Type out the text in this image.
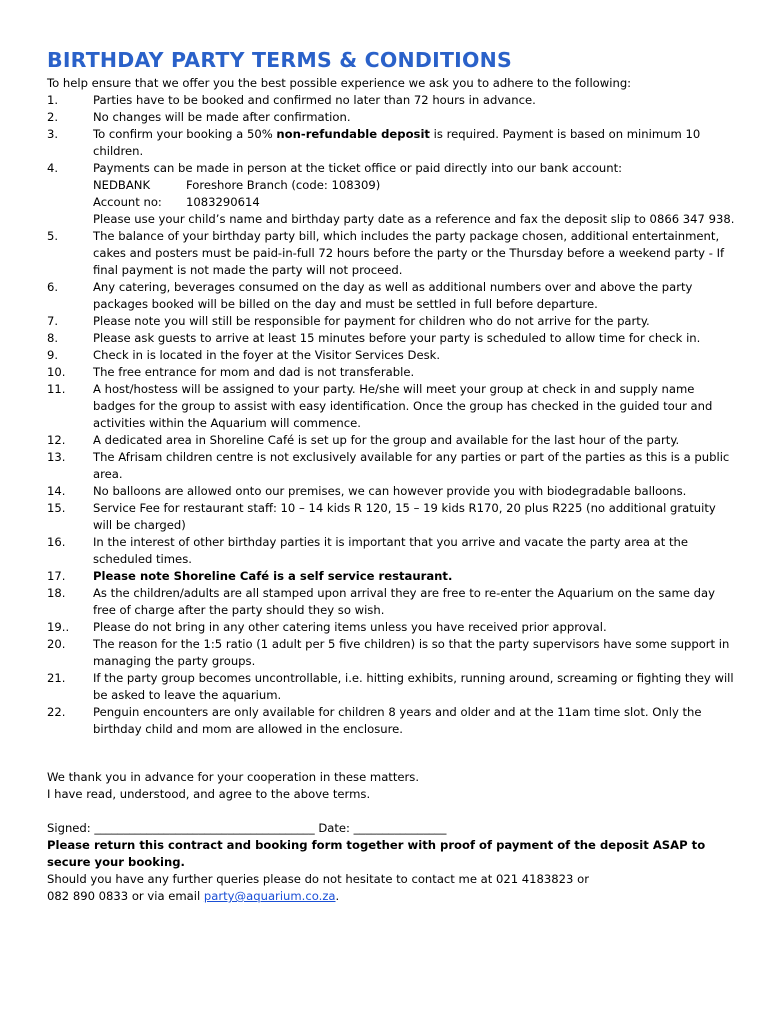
BIRTHDAY PARTY TERMS & CONDITIONS
To help ensure that we offer you the best possible experience we ask you to adhere to the following:
1.	Parties have to be booked and confirmed no later than 72 hours in advance.
2.	No changes will be made after confirmation.
3.	To confirm your booking a 50% non-refundable deposit is required. Payment is based on minimum 10 children.
4.	Payments can be made in person at the ticket office or paid directly into our bank account:
NEDBANK	Foreshore Branch (code: 108309)
Account no: 1083290614
Please use your child’s name and birthday party date as a reference and fax the deposit slip to 0866 347 938.
5.	The balance of your birthday party bill, which includes the party package chosen, additional entertainment, cakes and posters must be paid-in-full 72 hours before the party or the Thursday before a weekend party - If final payment is not made the party will not proceed.
6.	Any catering, beverages consumed on the day as well as additional numbers over and above the party packages booked will be billed on the day and must be settled in full before departure.
7.	Please note you will still be responsible for payment for children who do not arrive for the party.
8.	Please ask guests to arrive at least 15 minutes before your party is scheduled to allow time for check in.
9.	Check in is located in the foyer at the Visitor Services Desk.
10. The free entrance for mom and dad is not transferable.
11. A host/hostess will be assigned to your party. He/she will meet your group at check in and supply name badges for the group to assist with easy identification. Once the group has checked in the guided tour and activities within the Aquarium will commence.
12. A dedicated area in Shoreline Café is set up for the group and available for the last hour of the party.
13. The Afrisam children centre is not exclusively available for any parties or part of the parties as this is a public area.
14. No balloons are allowed onto our premises, we can however provide you with biodegradable balloons.
15. Service Fee for restaurant staff: 10 – 14 kids R 120, 15 – 19 kids R170, 20 plus R225 (no additional gratuity will be charged)
16. In the interest of other birthday parties it is important that you arrive and vacate the party area at the scheduled times.
17. Please note Shoreline Café is a self service restaurant.
18. As the children/adults are all stamped upon arrival they are free to re-enter the Aquarium on the same day free of charge after the party should they so wish.
19.. Please do not bring in any other catering items unless you have received prior approval.
20. The reason for the 1:5 ratio (1 adult per 5 five children) is so that the party supervisors have some support in managing the party groups.
21. If the party group becomes uncontrollable, i.e. hitting exhibits, running around, screaming or fighting they will be asked to leave the aquarium.
22. Penguin encounters are only available for children 8 years and older and at the 11am time slot. Only the birthday child and mom are allowed in the enclosure.

We thank you in advance for your cooperation in these matters.

I have read, understood, and agree to the above terms.

Signed: ______________________________________ Date: ________________

Please return this contract and booking form together with proof of payment of the deposit ASAP to secure your booking.

Should you have any further queries please do not hesitate to contact me at 021 4183823 or

082 890 0833 or via email party@aquarium.co.za.
